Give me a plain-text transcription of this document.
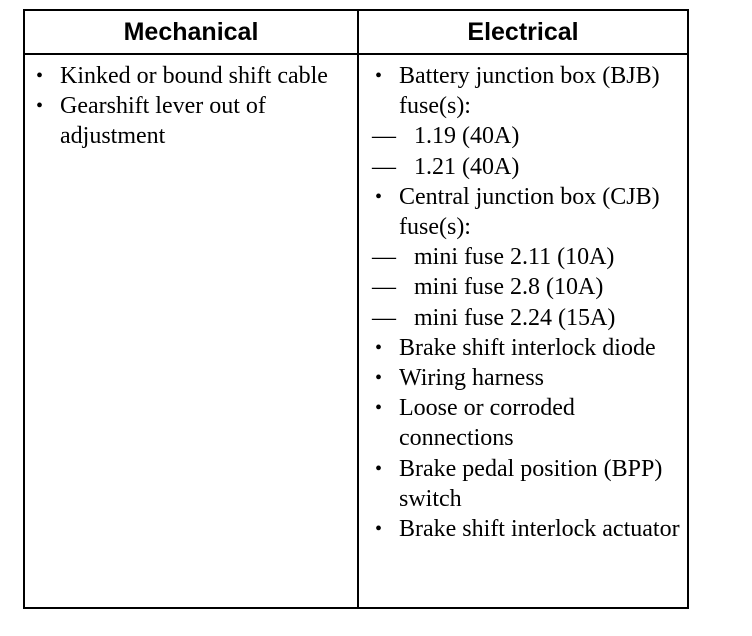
Mechanical	Electrical
• Kinked or bound shift cable
• Gearshift lever out of adjustment
• Battery junction box (BJB) fuse(s):
— 1.19 (40A)
— 1.21 (40A)
• Central junction box (CJB) fuse(s):
— mini fuse 2.11 (10A)
— mini fuse 2.8 (10A)
— mini fuse 2.24 (15A)
• Brake shift interlock diode
• Wiring harness
• Loose or corroded connections
• Brake pedal position (BPP) switch
• Brake shift interlock actuator
